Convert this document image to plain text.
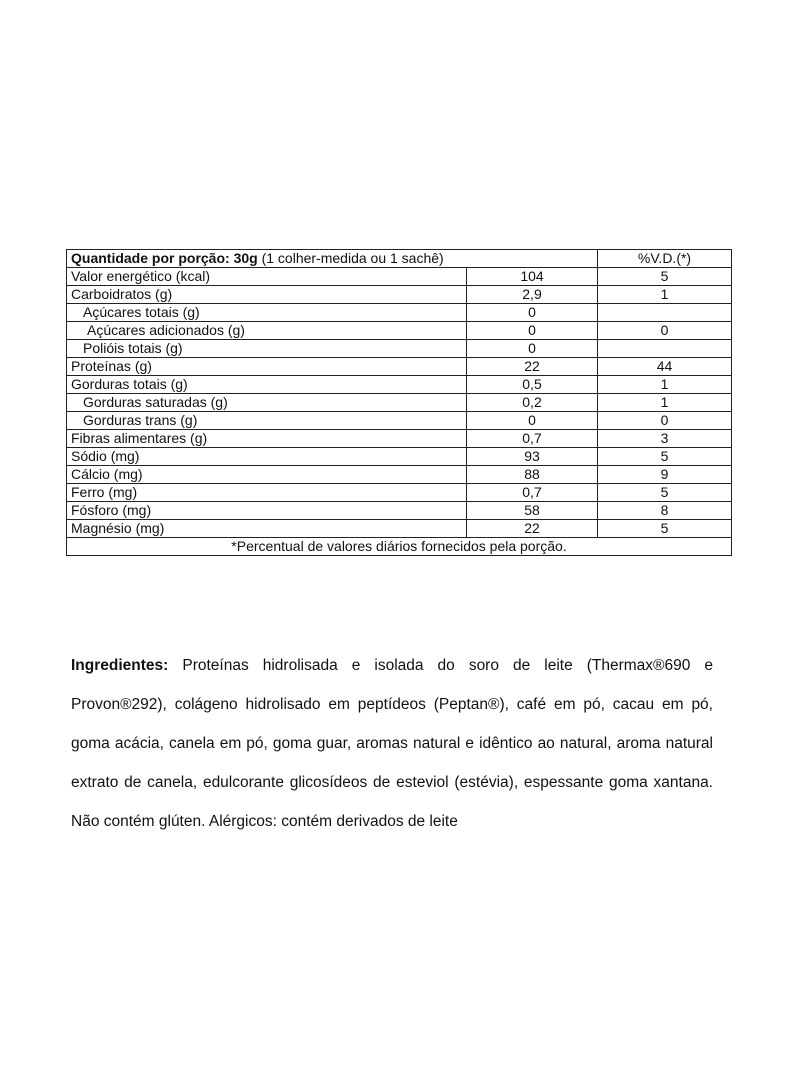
Quantidade por porção: 30g (1 colher-medida ou 1 sachê)		%V.D.(*)
Valor energético (kcal)	104	5
Carboidratos (g)	2,9	1
Açúcares totais (g)	0	
Açúcares adicionados (g)	0	0
Polióis totais (g)	0	
Proteínas (g)	22	44
Gorduras totais (g)	0,5	1
Gorduras saturadas (g)	0,2	1
Gorduras trans (g)	0	0
Fibras alimentares (g)	0,7	3
Sódio (mg)	93	5
Cálcio (mg)	88	9
Ferro (mg)	0,7	5
Fósforo (mg)	58	8
Magnésio (mg)	22	5
*Percentual de valores diários fornecidos pela porção.		

Ingredientes: Proteínas hidrolisada e isolada do soro de leite (Thermax®690 e Provon®292), colágeno hidrolisado em peptídeos (Peptan®), café em pó, cacau em pó, goma acácia, canela em pó, goma guar, aromas natural e idêntico ao natural, aroma natural extrato de canela, edulcorante glicosídeos de esteviol (estévia), espessante goma xantana. Não contém glúten. Alérgicos: contém derivados de leite
